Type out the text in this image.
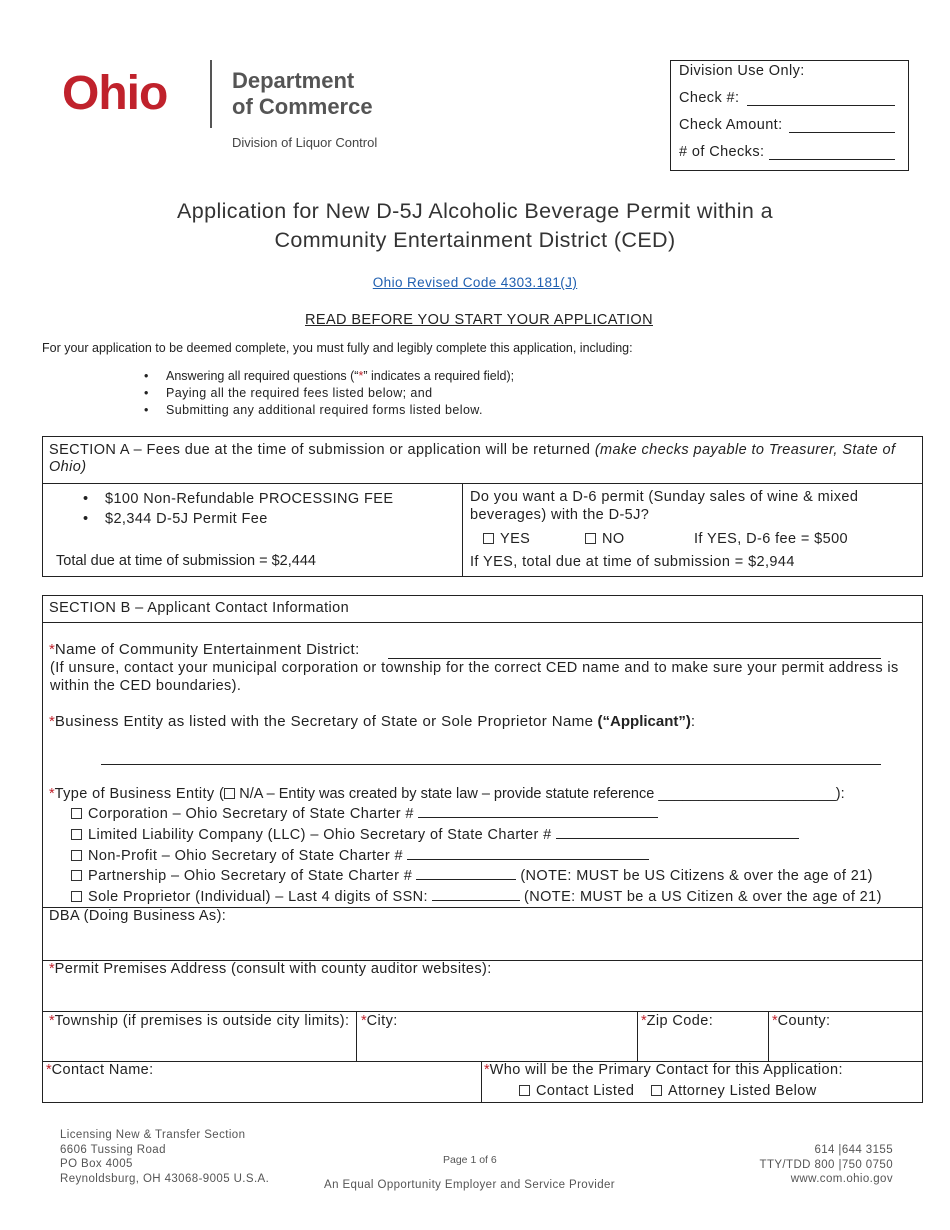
Ohio	Department
of Commerce
Division of Liquor Control
Division Use Only:
Check #:
Check Amount:
# of Checks:
Application for New D-5J Alcoholic Beverage Permit within a
Community Entertainment District (CED)
Ohio Revised Code 4303.181(J)
READ BEFORE YOU START YOUR APPLICATION
For your application to be deemed complete, you must fully and legibly complete this application, including:
• Answering all required questions (“*” indicates a required field);
• Paying all the required fees listed below; and
• Submitting any additional required forms listed below.
SECTION A – Fees due at the time of submission or application will be returned (make checks payable to Treasurer, State of Ohio)
• $100 Non-Refundable PROCESSING FEE
• $2,344 D-5J Permit Fee
Total due at time of submission = $2,444
Do you want a D-6 permit (Sunday sales of wine & mixed beverages) with the D-5J?
YES	NO	If YES, D-6 fee = $500
If YES, total due at time of submission = $2,944
SECTION B – Applicant Contact Information
*Name of Community Entertainment District:
(If unsure, contact your municipal corporation or township for the correct CED name and to make sure your permit address is within the CED boundaries).
*Business Entity as listed with the Secretary of State or Sole Proprietor Name (“Applicant”):
*Type of Business Entity ( N/A – Entity was created by state law – provide statute reference ______________________):
Corporation – Ohio Secretary of State Charter #
Limited Liability Company (LLC) – Ohio Secretary of State Charter #
Non-Profit – Ohio Secretary of State Charter #
Partnership – Ohio Secretary of State Charter #	(NOTE: MUST be US Citizens & over the age of 21)
Sole Proprietor (Individual) – Last 4 digits of SSN:	(NOTE: MUST be a US Citizen & over the age of 21)
DBA (Doing Business As):
*Permit Premises Address (consult with county auditor websites):
*Township (if premises is outside city limits): *City:	*Zip Code:	*County:
*Contact Name:	*Who will be the Primary Contact for this Application:
Contact Listed	Attorney Listed Below
Licensing New & Transfer Section
6606 Tussing Road
PO Box 4005
Reynoldsburg, OH 43068-9005 U.S.A.
Page 1 of 6
An Equal Opportunity Employer and Service Provider
614 |644 3155
TTY/TDD 800 |750 0750
www.com.ohio.gov
